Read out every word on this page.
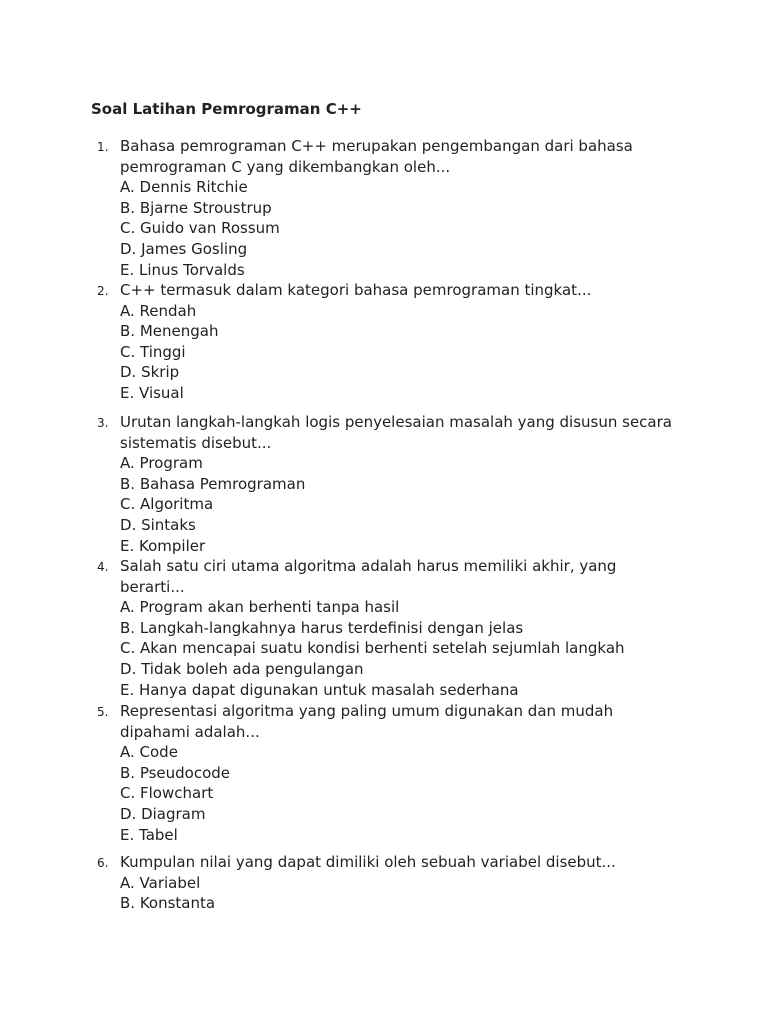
Soal Latihan Pemrograman C++
1. Bahasa pemrograman C++ merupakan pengembangan dari bahasa
pemrograman C yang dikembangkan oleh...
A. Dennis Ritchie
B. Bjarne Stroustrup
C. Guido van Rossum
D. James Gosling
E. Linus Torvalds
2. C++ termasuk dalam kategori bahasa pemrograman tingkat...
A. Rendah
B. Menengah
C. Tinggi
D. Skrip
E. Visual
3. Urutan langkah-langkah logis penyelesaian masalah yang disusun secara
sistematis disebut...
A. Program
B. Bahasa Pemrograman
C. Algoritma
D. Sintaks
E. Kompiler
4. Salah satu ciri utama algoritma adalah harus memiliki akhir, yang
berarti...
A. Program akan berhenti tanpa hasil
B. Langkah-langkahnya harus terdefinisi dengan jelas
C. Akan mencapai suatu kondisi berhenti setelah sejumlah langkah
D. Tidak boleh ada pengulangan
E. Hanya dapat digunakan untuk masalah sederhana
5. Representasi algoritma yang paling umum digunakan dan mudah
dipahami adalah...
A. Code
B. Pseudocode
C. Flowchart
D. Diagram
E. Tabel
6. Kumpulan nilai yang dapat dimiliki oleh sebuah variabel disebut...
A. Variabel
B. Konstanta
